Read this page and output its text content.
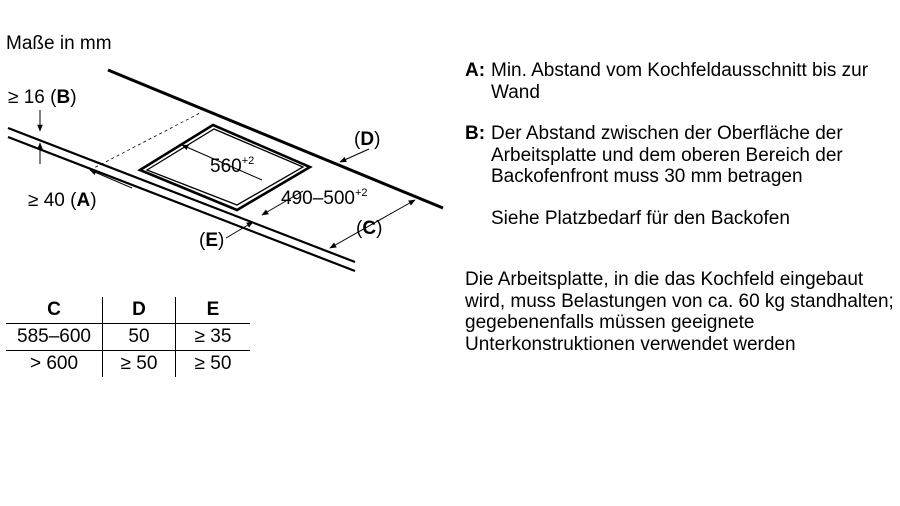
Maße in mm
≥ 16 (B)
≥ 40 (A)
(D)
(C)
(E)
$560^{+2}$
$490-500^{+2}$
C	D	E
585–600	50	≥ 35
> 600	≥ 50	≥ 50
A: Min. Abstand vom Kochfeldausschnitt bis zur Wand
B: Der Abstand zwischen der Oberfläche der Arbeitsplatte und dem oberen Bereich der Backofenfront muss 30 mm betragen
Siehe Platzbedarf für den Backofen
Die Arbeitsplatte, in die das Kochfeld eingebaut wird, muss Belastungen von ca. 60 kg standhalten; gegebenenfalls müssen geeignete Unterkonstruktionen verwendet werden
